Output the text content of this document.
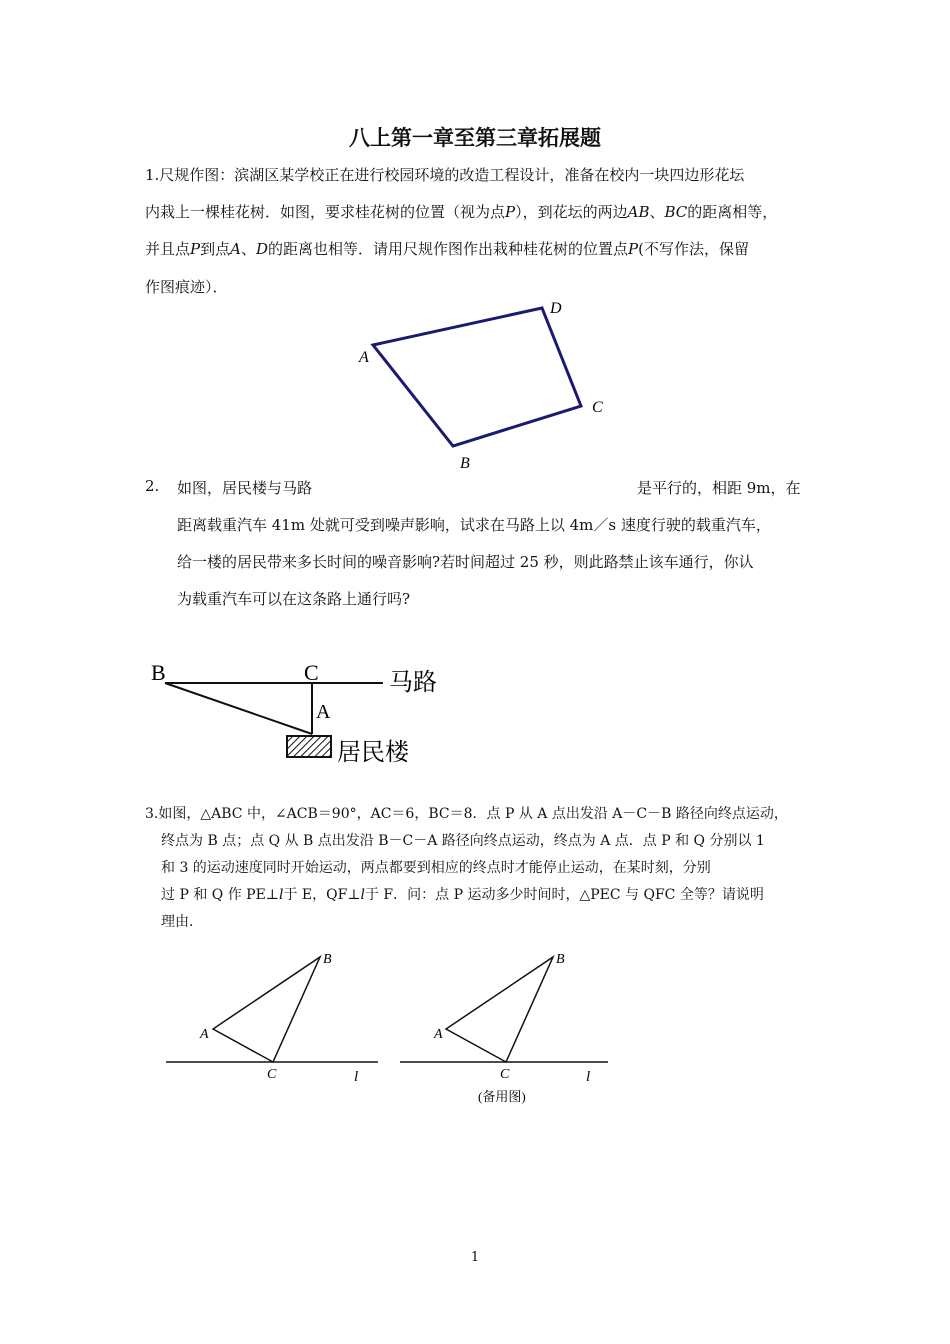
八上第一章至第三章拓展题
1.尺规作图：滨湖区某学校正在进行校园环境的改造工程设计，准备在校内一块四边形花坛
内栽上一棵桂花树．如图，要求桂花树的位置（视为点P），到花坛的两边AB、BC的距离相等，
并且点P到点A、D的距离也相等．请用尺规作图作出栽种桂花树的位置点P(不写作法，保留
作图痕迹）．
A
D
C
B
2. 如图，居民楼与马路	是平行的，相距 9m，在
距离载重汽车 41m 处就可受到噪声影响，试求在马路上以 4m／s 速度行驶的载重汽车，
给一楼的居民带来多长时间的噪音影响?若时间超过 25 秒，则此路禁止该车通行，你认
为载重汽车可以在这条路上通行吗?
B	C
A
马路
居民楼
3.如图，△ABC 中，∠ACB＝90°，AC＝6，BC＝8．点 P 从 A 点出发沿 A－C－B 路径向终点运动，
终点为 B 点；点 Q 从 B 点出发沿 B－C－A 路径向终点运动，终点为 A 点．点 P 和 Q 分别以 1
和 3 的运动速度同时开始运动，两点都要到相应的终点时才能停止运动，在某时刻，分别
过 P 和 Q 作 PE⊥l于 E，QF⊥l于 F．问：点 P 运动多少时间时，△PEC 与 QFC 全等？请说明
理由．
B
A
C	l
B
A
C	l
(备用图)
1
